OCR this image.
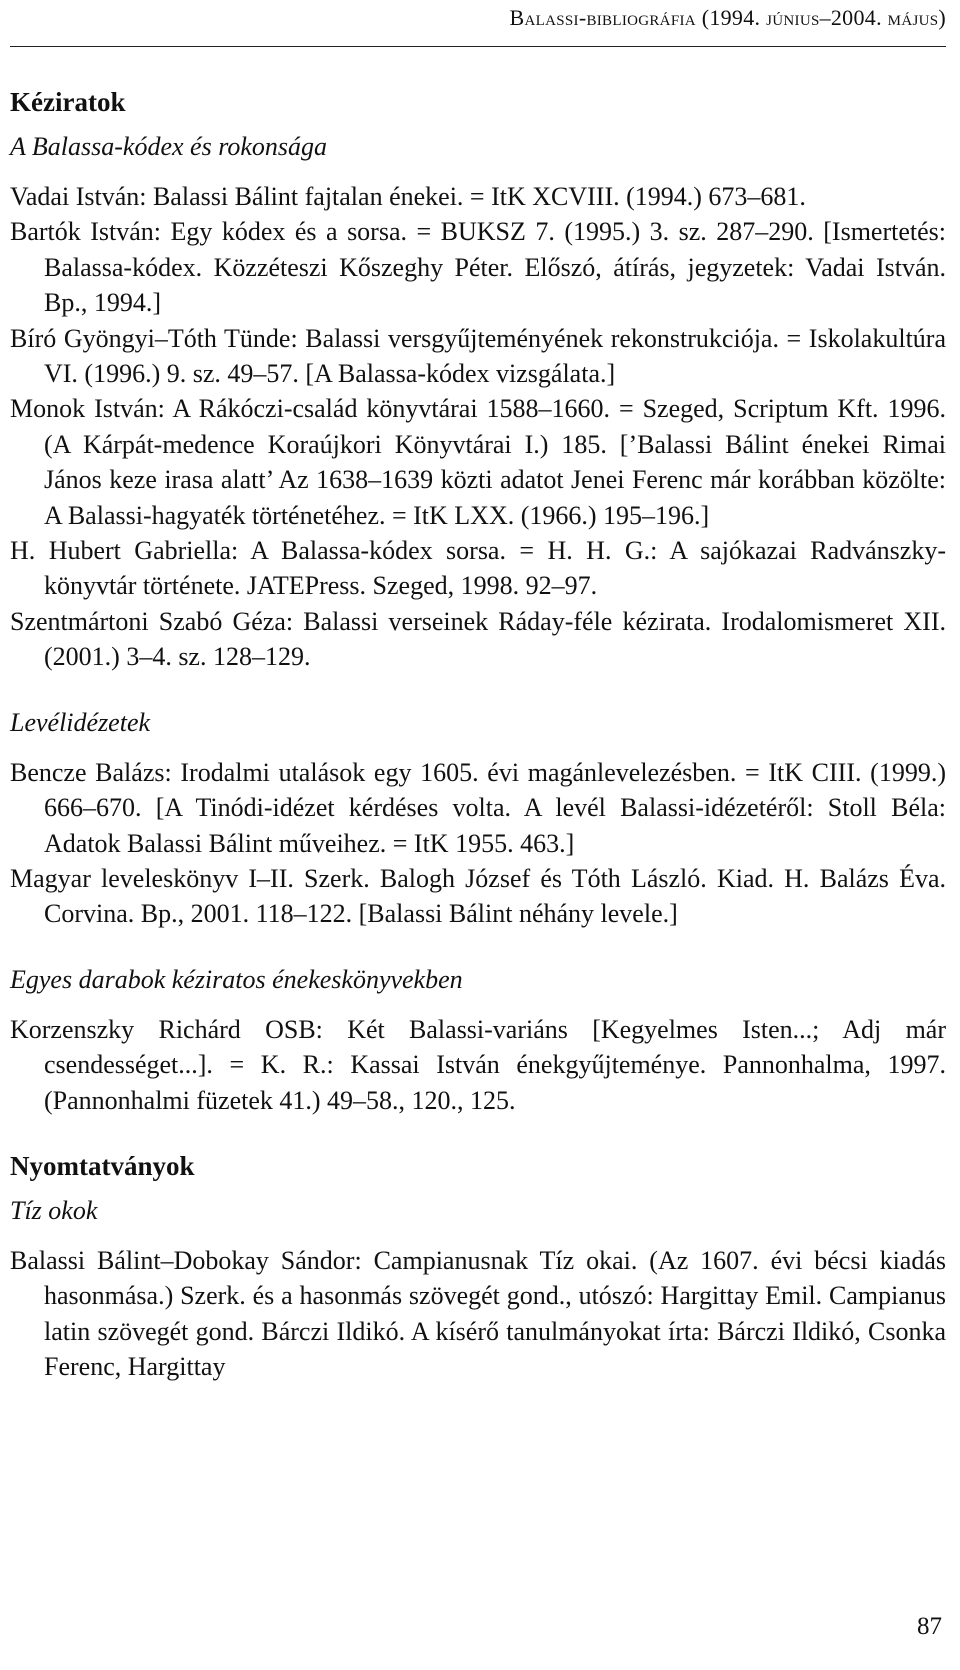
Balassi-bibliográfia (1994. június–2004. május)
Kéziratok
A Balassa-kódex és rokonsága

Vadai István: Balassi Bálint fajtalan énekei. = ItK XCVIII. (1994.) 673–681.

Bartók István: Egy kódex és a sorsa. = BUKSZ 7. (1995.) 3. sz. 287–290. [Ismertetés: Balassa-kódex. Közzéteszi Kőszeghy Péter. Előszó, átírás, jegyzetek: Vadai István. Bp., 1994.]

Bíró Gyöngyi–Tóth Tünde: Balassi versgyűjteményének rekonstrukciója. = Iskolakultúra VI. (1996.) 9. sz. 49–57. [A Balassa-kódex vizsgálata.]

Monok István: A Rákóczi-család könyvtárai 1588–1660. = Szeged, Scriptum Kft. 1996. (A Kárpát-medence Koraújkori Könyvtárai I.) 185. [’Balassi Bálint énekei Rimai János keze irasa alatt’ Az 1638–1639 közti adatot Jenei Ferenc már korábban közölte: A Balassi-hagyaték történetéhez. = ItK LXX. (1966.) 195–196.]

H. Hubert Gabriella: A Balassa-kódex sorsa. = H. H. G.: A sajókazai Radvánszky-könyvtár története. JATEPress. Szeged, 1998. 92–97.

Szentmártoni Szabó Géza: Balassi verseinek Ráday-féle kézirata. Irodalomismeret XII. (2001.) 3–4. sz. 128–129.

Levélidézetek

Bencze Balázs: Irodalmi utalások egy 1605. évi magánlevelezésben. = ItK CIII. (1999.) 666–670. [A Tinódi-idézet kérdéses volta. A levél Balassi-idézetéről: Stoll Béla: Adatok Balassi Bálint műveihez. = ItK 1955. 463.]

Magyar leveleskönyv I–II. Szerk. Balogh József és Tóth László. Kiad. H. Balázs Éva. Corvina. Bp., 2001. 118–122. [Balassi Bálint néhány levele.]

Egyes darabok kéziratos énekeskönyvekben

Korzenszky Richárd OSB: Két Balassi-variáns [Kegyelmes Isten...; Adj már csendességet...]. = K. R.: Kassai István énekgyűjteménye. Pannonhalma, 1997. (Pannonhalmi füzetek 41.) 49–58., 120., 125.

Nyomtatványok
Tíz okok

Balassi Bálint–Dobokay Sándor: Campianusnak Tíz okai. (Az 1607. évi bécsi kiadás hasonmása.) Szerk. és a hasonmás szövegét gond., utószó: Hargittay Emil. Campianus latin szövegét gond. Bárczi Ildikó. A kísérő tanulmányokat írta: Bárczi Ildikó, Csonka Ferenc, Hargittay

87
